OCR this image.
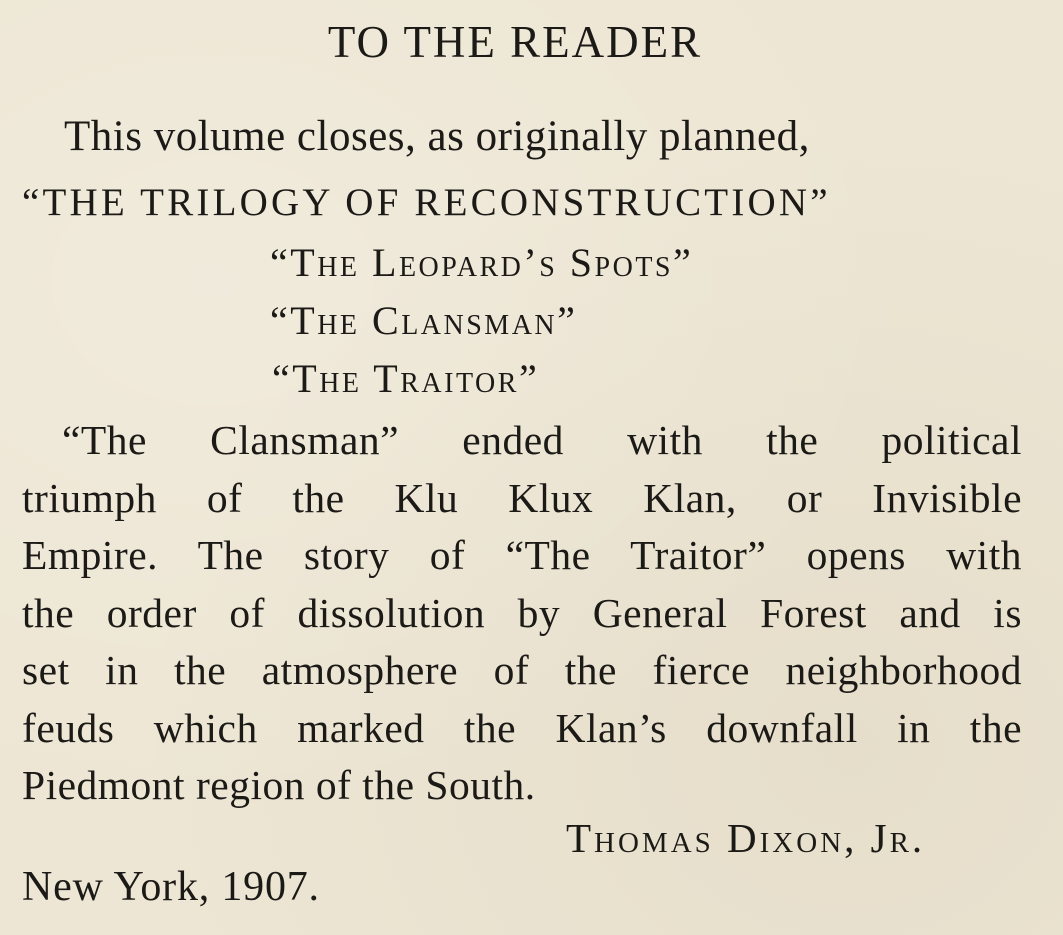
TO THE READER
This volume closes, as originally planned,
“THE TRILOGY OF RECONSTRUCTION”
“The Leopard’s Spots”
“The Clansman”
“The Traitor”
“The Clansman” ended with the political
triumph of the Klu Klux Klan, or Invisible
Empire. The story of “The Traitor” opens with
the order of dissolution by General Forest and is
set in the atmosphere of the fierce neighborhood
feuds which marked the Klan’s downfall in the
Piedmont region of the South.
Thomas Dixon, Jr.
New York, 1907.
